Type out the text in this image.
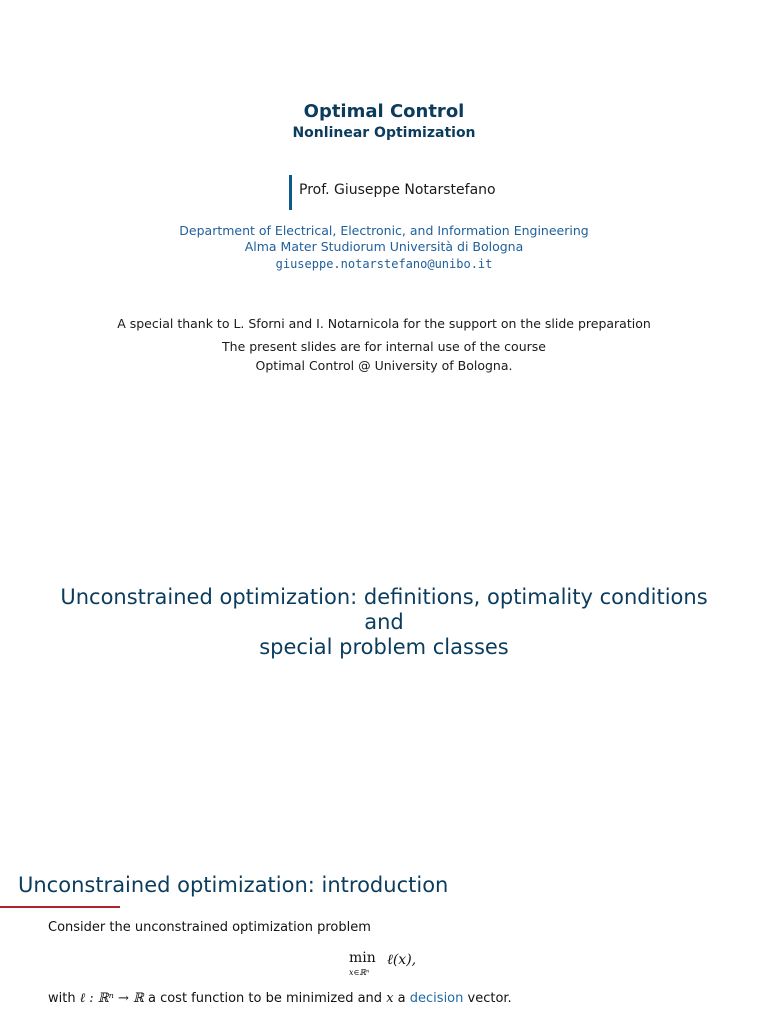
Optimal Control
Nonlinear Optimization
Prof. Giuseppe Notarstefano
Department of Electrical, Electronic, and Information Engineering
Alma Mater Studiorum Università di Bologna
giuseppe.notarstefano@unibo.it
A special thank to L. Sforni and I. Notarnicola for the support on the slide preparation
The present slides are for internal use of the course
Optimal Control @ University of Bologna.
Unconstrained optimization: definitions, optimality conditions and
special problem classes
Unconstrained optimization: introduction
Consider the unconstrained optimization problem
min
x∈ℝⁿ
ℓ(x),
with ℓ : ℝⁿ → ℝ a cost function to be minimized and x a decision vector.
